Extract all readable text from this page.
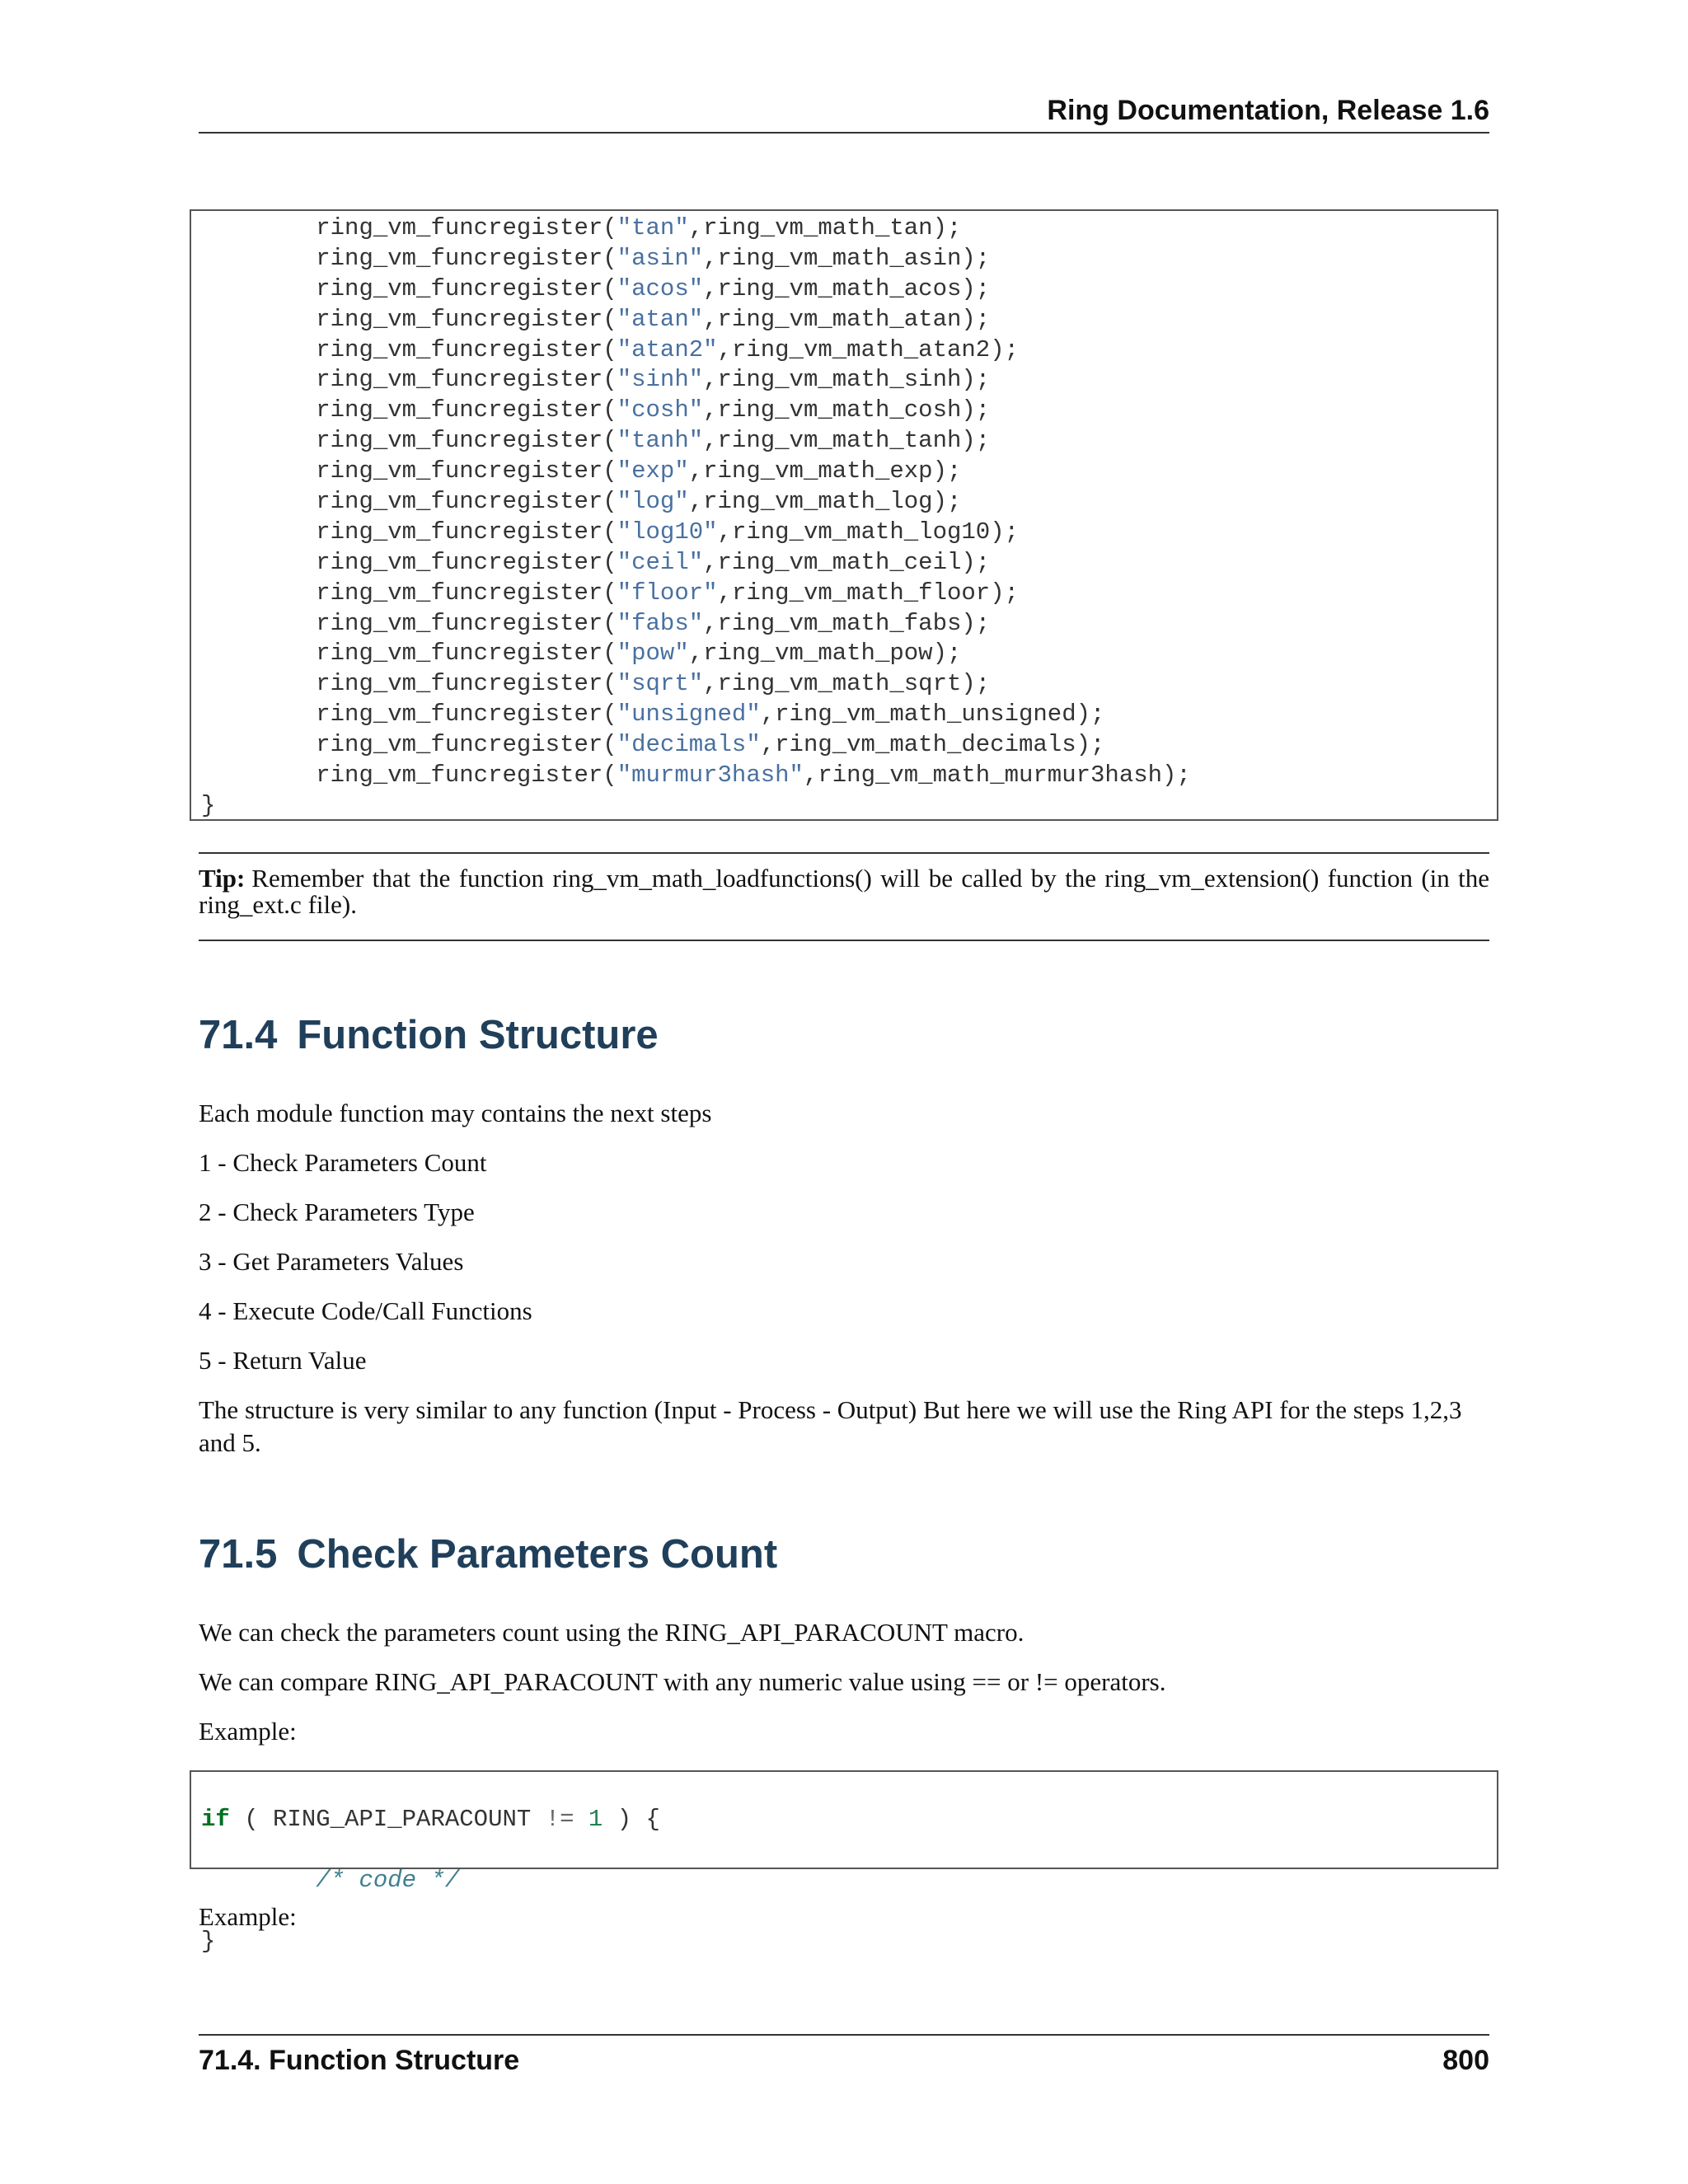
Ring Documentation, Release 1.6
ring_vm_funcregister("tan",ring_vm_math_tan);
ring_vm_funcregister("asin",ring_vm_math_asin);
ring_vm_funcregister("acos",ring_vm_math_acos);
ring_vm_funcregister("atan",ring_vm_math_atan);
ring_vm_funcregister("atan2",ring_vm_math_atan2);
ring_vm_funcregister("sinh",ring_vm_math_sinh);
ring_vm_funcregister("cosh",ring_vm_math_cosh);
ring_vm_funcregister("tanh",ring_vm_math_tanh);
ring_vm_funcregister("exp",ring_vm_math_exp);
ring_vm_funcregister("log",ring_vm_math_log);
ring_vm_funcregister("log10",ring_vm_math_log10);
ring_vm_funcregister("ceil",ring_vm_math_ceil);
ring_vm_funcregister("floor",ring_vm_math_floor);
ring_vm_funcregister("fabs",ring_vm_math_fabs);
ring_vm_funcregister("pow",ring_vm_math_pow);
ring_vm_funcregister("sqrt",ring_vm_math_sqrt);
ring_vm_funcregister("unsigned",ring_vm_math_unsigned);
ring_vm_funcregister("decimals",ring_vm_math_decimals);
ring_vm_funcregister("murmur3hash",ring_vm_math_murmur3hash);
}
Tip: Remember that the function ring_vm_math_loadfunctions() will be called by the ring_vm_extension() function (in the ring_ext.c file).
71.4 Function Structure

Each module function may contains the next steps

1 - Check Parameters Count

2 - Check Parameters Type

3 - Get Parameters Values

4 - Execute Code/Call Functions

5 - Return Value

The structure is very similar to any function (Input - Process - Output) But here we will use the Ring API for the steps 1,2,3 and 5.

71.5 Check Parameters Count

We can check the parameters count using the RING_API_PARACOUNT macro.

We can compare RING_API_PARACOUNT with any numeric value using == or != operators.

Example:

if ( RING_API_PARACOUNT != 1 ) {

/* code */

}

Example:

71.4. Function Structure	800
